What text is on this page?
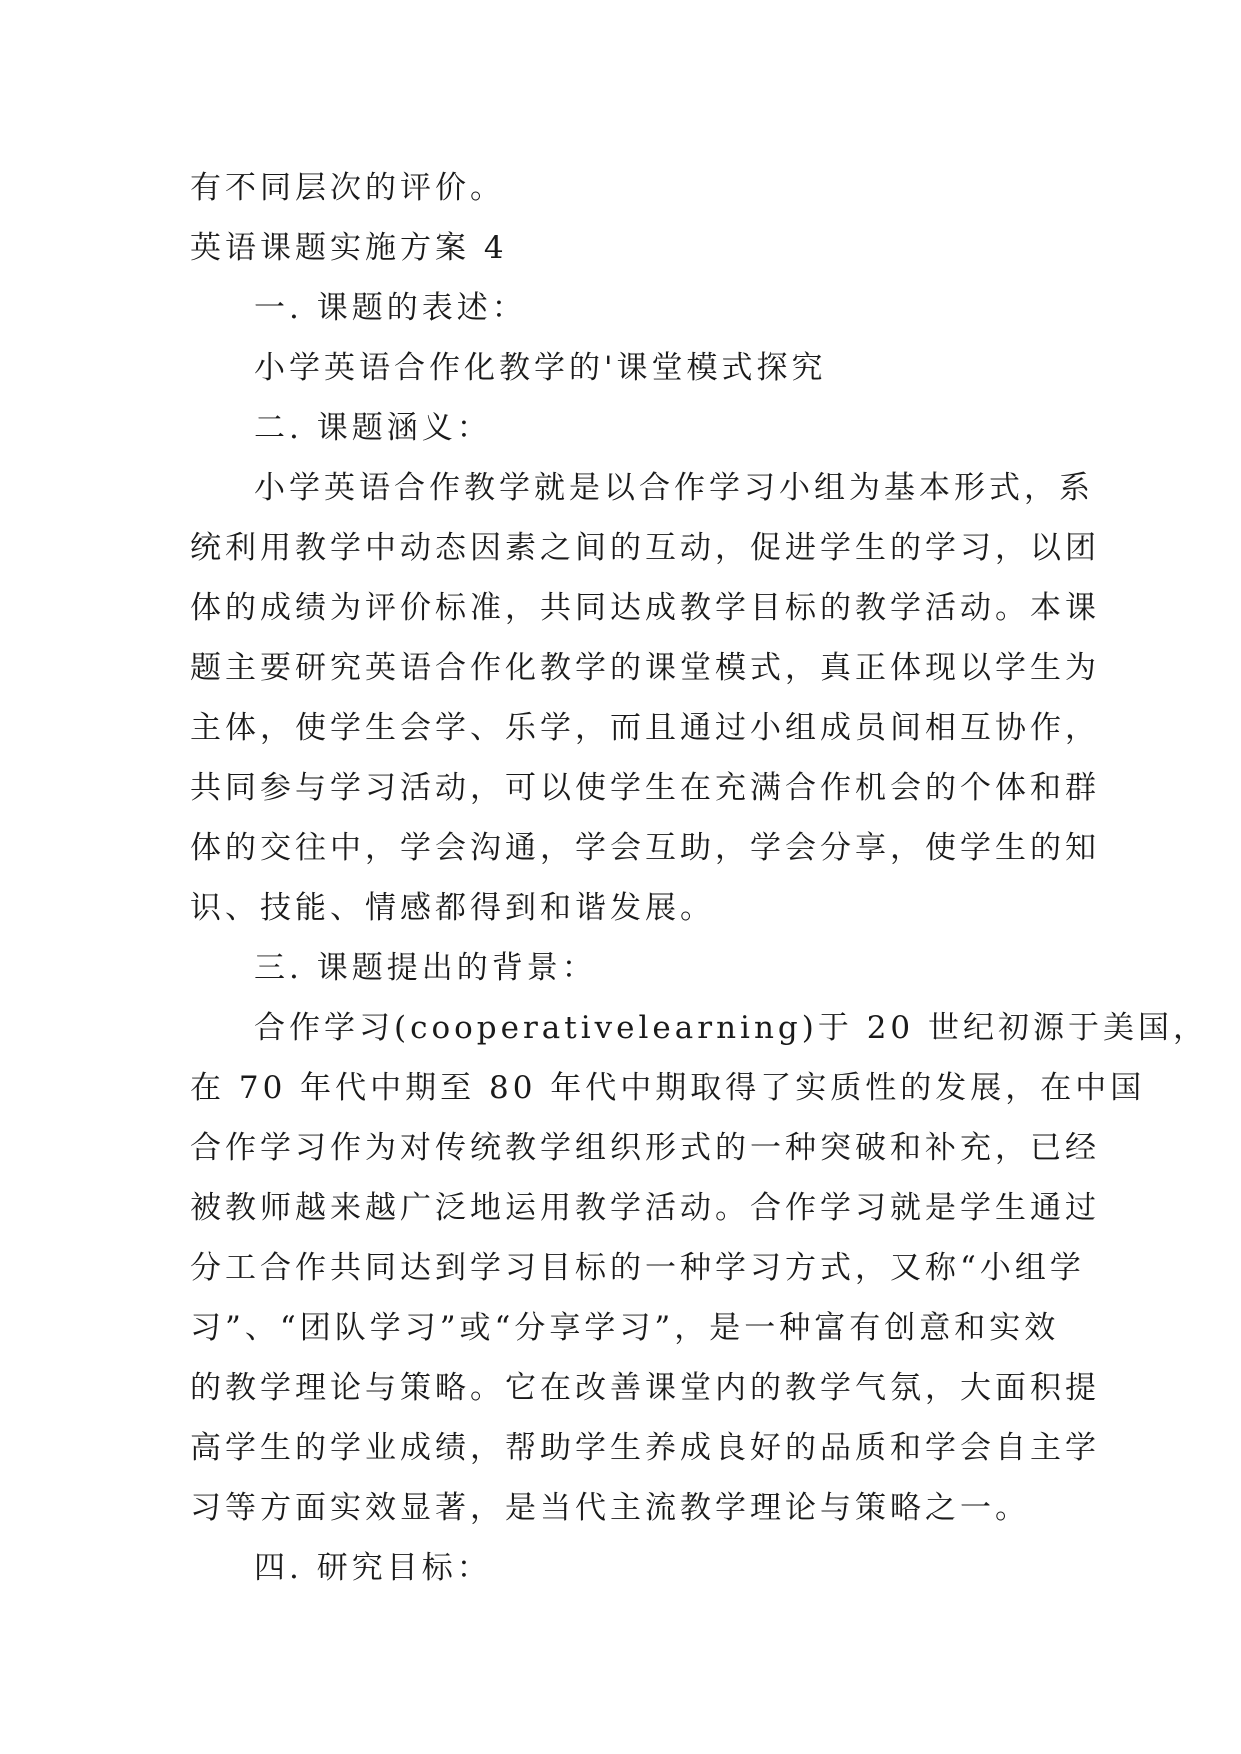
有不同层次的评价。
英语课题实施方案 4
一. 课题的表述：
小学英语合作化教学的'课堂模式探究
二. 课题涵义：
小学英语合作教学就是以合作学习小组为基本形式，系
统利用教学中动态因素之间的互动，促进学生的学习，以团
体的成绩为评价标准，共同达成教学目标的教学活动。本课
题主要研究英语合作化教学的课堂模式，真正体现以学生为
主体，使学生会学、乐学，而且通过小组成员间相互协作，
共同参与学习活动，可以使学生在充满合作机会的个体和群
体的交往中，学会沟通，学会互助，学会分享，使学生的知
识、技能、情感都得到和谐发展。
三. 课题提出的背景：
合作学习(cooperativelearning)于 20 世纪初源于美国，
在 70 年代中期至 80 年代中期取得了实质性的发展，在中国
合作学习作为对传统教学组织形式的一种突破和补充，已经
被教师越来越广泛地运用教学活动。合作学习就是学生通过
分工合作共同达到学习目标的一种学习方式，又称“小组学
习”、“团队学习”或“分享学习”，是一种富有创意和实效
的教学理论与策略。它在改善课堂内的教学气氛，大面积提
高学生的学业成绩，帮助学生养成良好的品质和学会自主学
习等方面实效显著，是当代主流教学理论与策略之一。
四. 研究目标：
